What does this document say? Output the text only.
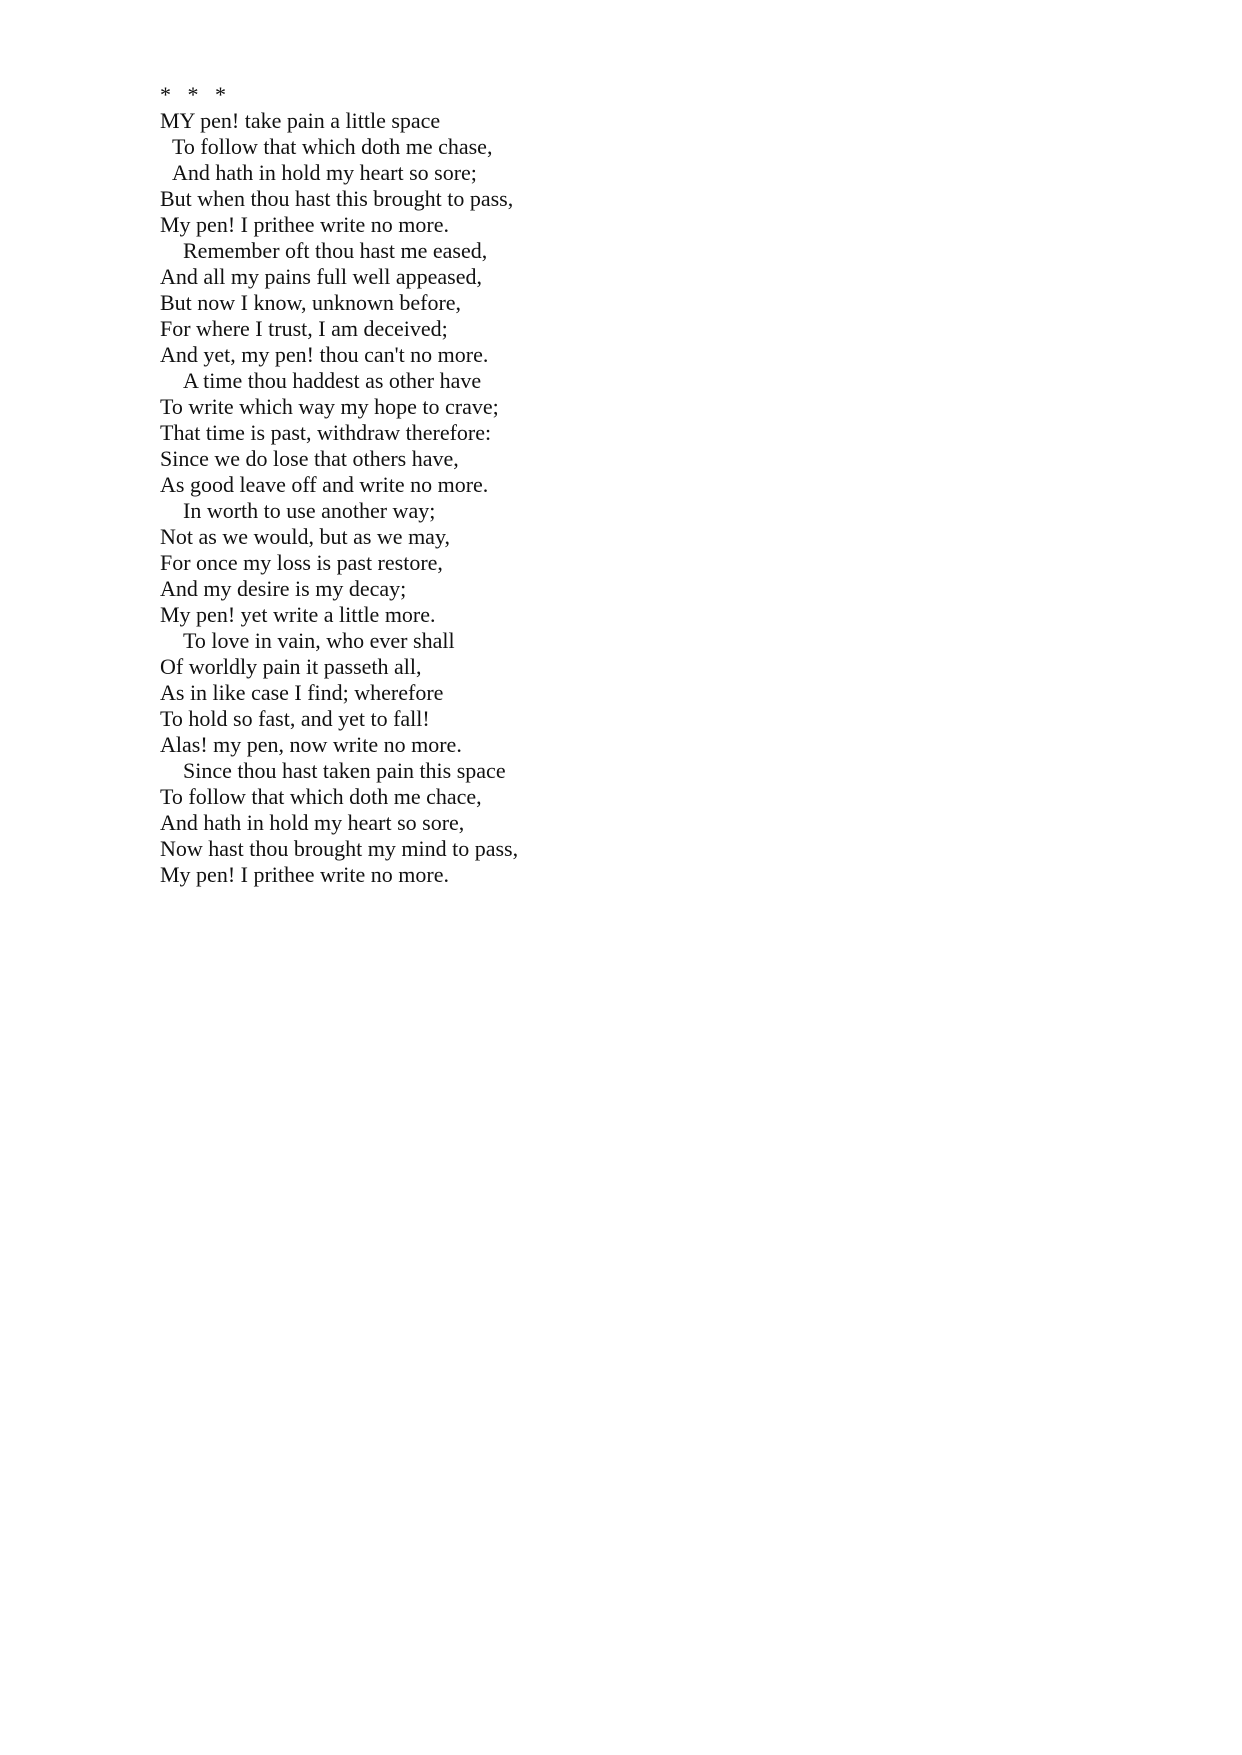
*   *   *
MY pen! take pain a little space
To follow that which doth me chase,
And hath in hold my heart so sore;
But when thou hast this brought to pass,
My pen! I prithee write no more.
Remember oft thou hast me eased,
And all my pains full well appeased,
But now I know, unknown before,
For where I trust, I am deceived;
And yet, my pen! thou can't no more.
A time thou haddest as other have
To write which way my hope to crave;
That time is past, withdraw therefore:
Since we do lose that others have,
As good leave off and write no more.
In worth to use another way;
Not as we would, but as we may,
For once my loss is past restore,
And my desire is my decay;
My pen! yet write a little more.
To love in vain, who ever shall
Of worldly pain it passeth all,
As in like case I find; wherefore
To hold so fast, and yet to fall!
Alas! my pen, now write no more.
Since thou hast taken pain this space
To follow that which doth me chace,
And hath in hold my heart so sore,
Now hast thou brought my mind to pass,
My pen! I prithee write no more.
